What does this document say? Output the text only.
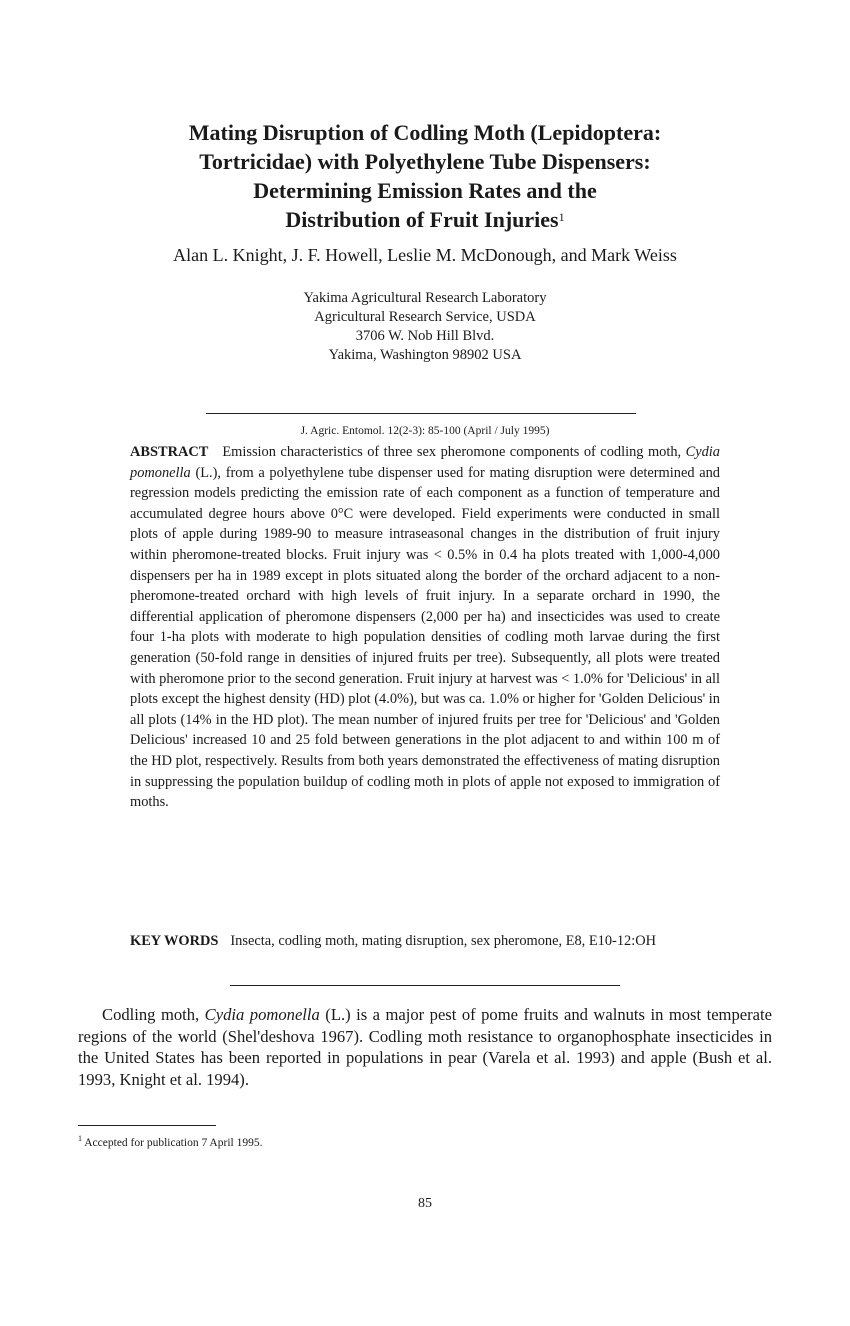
Mating Disruption of Codling Moth (Lepidoptera:
Tortricidae) with Polyethylene Tube Dispensers:
Determining Emission Rates and the
Distribution of Fruit Injuries$^1$
Alan L. Knight, J. F. Howell, Leslie M. McDonough, and Mark Weiss
Yakima Agricultural Research Laboratory
Agricultural Research Service, USDA
3706 W. Nob Hill Blvd.
Yakima, Washington 98902 USA
J. Agric. Entomol. 12(2-3): 85-100 (April / July 1995)

ABSTRACT Emission characteristics of three sex pheromone components of codling moth, Cydia pomonella (L.), from a polyethylene tube dispenser used for mating disruption were determined and regression models predicting the emission rate of each component as a function of temperature and accumulated degree hours above 0°C were developed. Field experiments were conducted in small plots of apple during 1989-90 to measure intraseasonal changes in the distribution of fruit injury within pheromone-treated blocks. Fruit injury was < 0.5% in 0.4 ha plots treated with 1,000-4,000 dispensers per ha in 1989 except in plots situated along the border of the orchard adjacent to a non-pheromone-treated orchard with high levels of fruit injury. In a separate orchard in 1990, the differential application of pheromone dispensers (2,000 per ha) and insecticides was used to create four 1-ha plots with moderate to high population densities of codling moth larvae during the first generation (50-fold range in densities of injured fruits per tree). Subsequently, all plots were treated with pheromone prior to the second generation. Fruit injury at harvest was < 1.0% for 'Delicious' in all plots except the highest density (HD) plot (4.0%), but was ca. 1.0% or higher for 'Golden Delicious' in all plots (14% in the HD plot). The mean number of injured fruits per tree for 'Delicious' and 'Golden Delicious' increased 10 and 25 fold between generations in the plot adjacent to and within 100 m of the HD plot, respectively. Results from both years demonstrated the effectiveness of mating disruption in suppressing the population buildup of codling moth in plots of apple not exposed to immigration of moths.

KEY WORDS Insecta, codling moth, mating disruption, sex pheromone, E8, E10-12:OH

Codling moth, Cydia pomonella (L.) is a major pest of pome fruits and walnuts in most temperate regions of the world (Shel'deshova 1967). Codling moth resistance to organophosphate insecticides in the United States has been reported in populations in pear (Varela et al. 1993) and apple (Bush et al. 1993, Knight et al. 1994).

$^1$ Accepted for publication 7 April 1995.

85
